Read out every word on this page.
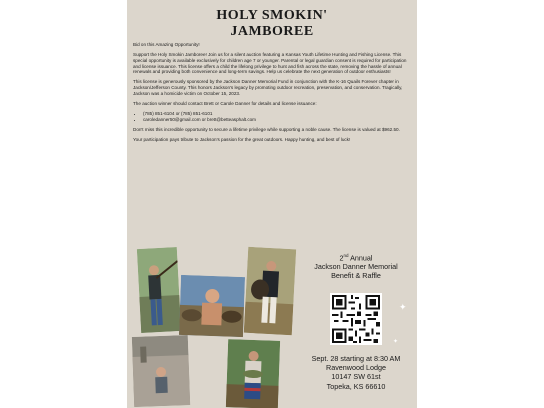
HOLY SMOKIN'
JAMBOREE

Bid on this Amazing Opportunity!

Support the Holy Smokin Jamboree! Join us for a silent auction featuring a Kansas Youth Lifetime Hunting and Fishing License. This special opportunity is available exclusively for children age 7 or younger. Parental or legal guardian consent is required for participation and license issuance. This license offers a child the lifelong privilege to hunt and fish across the state, removing the hassle of annual renewals and providing both convenience and long-term savings. Help us celebrate the next generation of outdoor enthusiasts!

This license is generously sponsored by the Jackson Danner Memorial Fund in conjunction with the K-16 Quails Forever chapter in Jackson/Jefferson County. This honors Jackson's legacy by promoting outdoor recreation, preservation, and conservation. Tragically, Jackson was a homicide victim on October 15, 2023.

The auction winner should contact Brett or Carole Danner for details and license issuance:

• (785) 851-6104 or (785) 851-6101
• caroledanner50@gmail.com or brett@betteasphalt.com

Don't miss this incredible opportunity to secure a lifetime privilege while supporting a noble cause. The license is valued at $962.50.

Your participation pays tribute to Jackson's passion for the great outdoors. Happy hunting, and best of luck!

2nd Annual
Jackson Danner Memorial
Benefit & Raffle
Sept. 28 starting at 8:30 AM
Ravenwood Lodge
10147 SW 61st
Topeka, KS 66610
✦
✦
